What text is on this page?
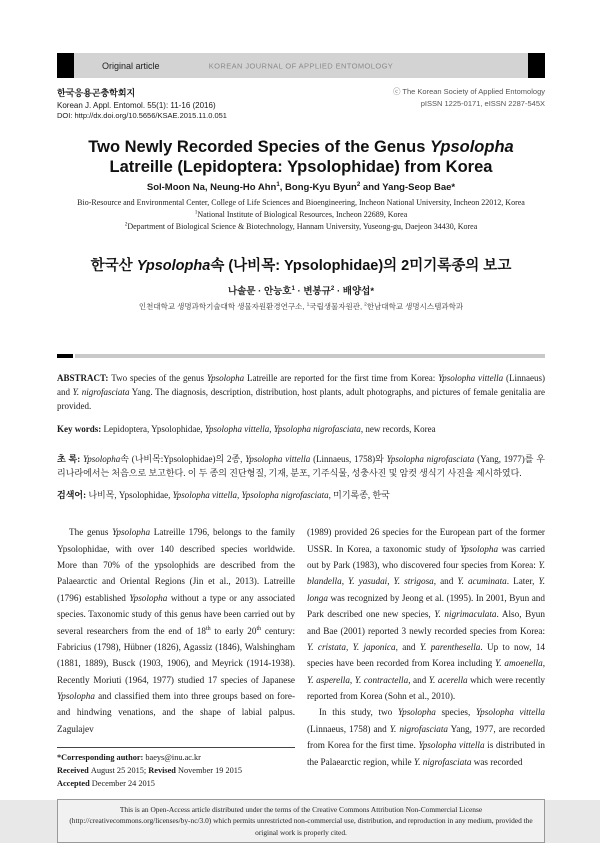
Original article	KOREAN JOURNAL OF APPLIED ENTOMOLOGY
한국응용곤충학회지
Korean J. Appl. Entomol. 55(1): 11-16 (2016)
DOI: http://dx.doi.org/10.5656/KSAE.2015.11.0.051
ⓒ The Korean Society of Applied Entomology
pISSN 1225-0171, eISSN 2287-545X
Two Newly Recorded Species of the Genus Ypsolopha Latreille (Lepidoptera: Ypsolophidae) from Korea
Sol-Moon Na, Neung-Ho Ahn$^1$, Bong-Kyu Byun$^2$ and Yang-Seop Bae*
Bio-Resource and Environmental Center, College of Life Sciences and Bioengineering, Incheon National University, Incheon 22012, Korea
$^1$National Institute of Biological Resources, Incheon 22689, Korea
$^2$Department of Biological Science & Biotechnology, Hannam University, Yuseong-gu, Daejeon 34430, Korea
한국산 Ypsolopha속 (나비목: Ypsolophidae)의 2미기록종의 보고
나솔문 · 안능호$^1$ · 변봉규$^2$ · 배양섭*
인천대학교 생명과학기술대학 생물자원환경연구소, $^1$국립생물자원관, $^2$한남대학교 생명시스템과학과
ABSTRACT: Two species of the genus Ypsolopha Latreille are reported for the first time from Korea: Ypsolopha vittella (Linnaeus) and Y. nigrofasciata Yang. The diagnosis, description, distribution, host plants, adult photographs, and pictures of female genitalia are provided.
Key words: Lepidoptera, Ypsolophidae, Ypsolopha vittella, Ypsolopha nigrofasciata, new records, Korea
초 록: Ypsolopha속 (나비목:Ypsolophidae)의 2종, Ypsolopha vittella (Linnaeus, 1758)와 Ypsolopha nigrofasciata (Yang, 1977)를 우리나라에서는 처음으로 보고한다. 이 두 종의 진단형질, 기재, 분포, 기주식물, 성충사진 및 암컷 생식기 사진을 제시하였다.
검색어: 나비목, Ypsolophidae, Ypsolopha vittella, Ypsolopha nigrofasciata, 미기록종, 한국

The genus Ypsolopha Latreille 1796, belongs to the family Ypsolophidae, with over 140 described species worldwide. More than 70% of the ypsolophids are described from the Palaearctic and Oriental Regions (Jin et al., 2013). Latreille (1796) established Ypsolopha without a type or any associated species. Taxonomic study of this genus have been carried out by several researchers from the end of 18th to early 20th century: Fabricius (1798), Hübner (1826), Agassiz (1846), Walshingham (1881, 1889), Busck (1903, 1906), and Meyrick (1914-1938). Recently Moriuti (1964, 1977) studied 17 species of Japanese Ypsolopha and classified them into three groups based on fore- and hindwing venations, and the shape of labial palpus. Zagulajev

*Corresponding author: baeys@inu.ac.kr
Received August 25 2015; Revised November 19 2015
Accepted December 24 2015

(1989) provided 26 species for the European part of the former USSR. In Korea, a taxonomic study of Ypsolopha was carried out by Park (1983), who discovered four species from Korea: Y. blandella, Y. yasudai, Y. strigosa, and Y. acuminata. Later, Y. longa was recognized by Jeong et al. (1995). In 2001, Byun and Park described one new species, Y. nigrimaculata. Also, Byun and Bae (2001) reported 3 newly recorded species from Korea: Y. cristata, Y. japonica, and Y. parenthesella. Up to now, 14 species have been recorded from Korea including Y. amoenella, Y. asperella, Y. contractella, and Y. acerella which were recently reported from Korea (Sohn et al., 2010).

In this study, two Ypsolopha species, Ypsolopha vittella (Linnaeus, 1758) and Y. nigrofasciata Yang, 1977, are recorded from Korea for the first time. Ypsolopha vittella is distributed in the Palaearctic region, while Y. nigrofasciata was recorded

This is an Open-Access article distributed under the terms of the Creative Commons Attribution Non-Commercial License (http://creativecommons.org/licenses/by-nc/3.0) which permits unrestricted non-commercial use, distribution, and reproduction in any medium, provided the original work is properly cited.
